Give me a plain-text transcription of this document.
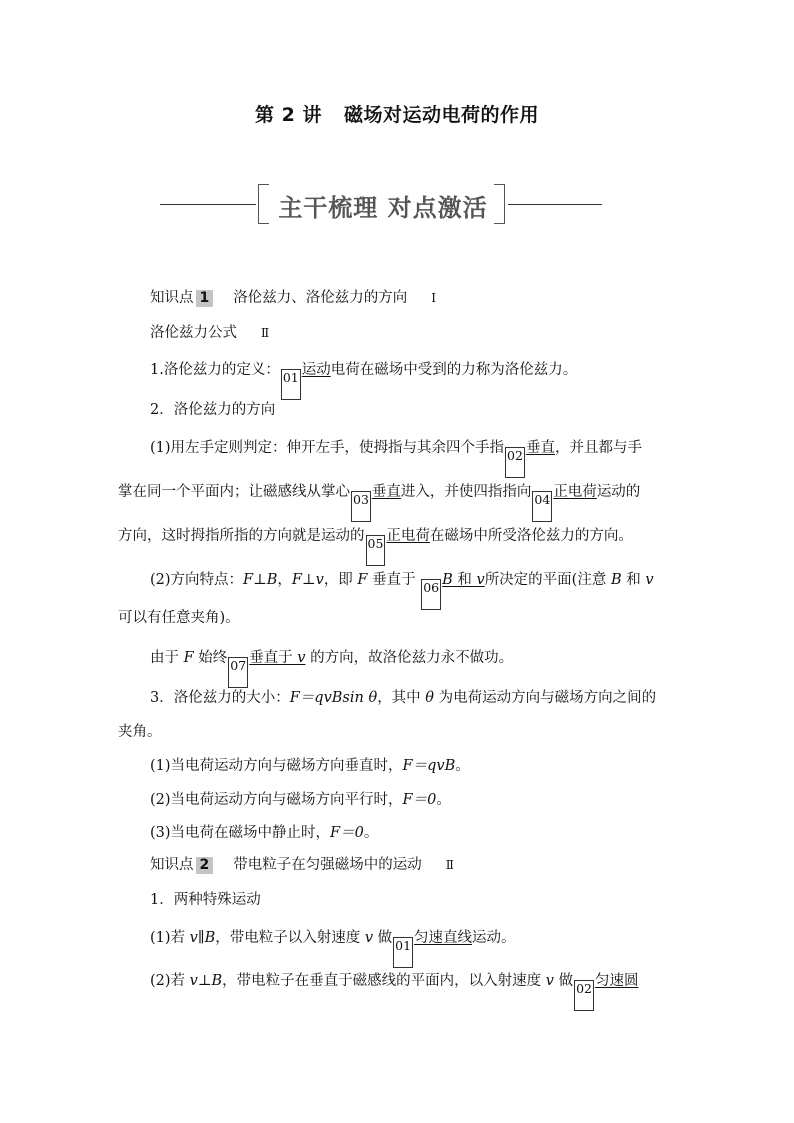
第 2 讲 磁场对运动电荷的作用
主干梳理 对点激活
知识点 1 洛伦兹力、洛伦兹力的方向 Ⅰ
洛伦兹力公式 Ⅱ
1.洛伦兹力的定义： 01 运动电荷在磁场中受到的力称为洛伦兹力。
2．洛伦兹力的方向
(1)用左手定则判定：伸开左手，使拇指与其余四个手指 02 垂直，并且都与手
掌在同一个平面内；让磁感线从掌心 03 垂直进入，并使四指指向 04 正电荷运动的
方向，这时拇指所指的方向就是运动的 05 正电荷在磁场中所受洛伦兹力的方向。
(2)方向特点：F⊥B，F⊥v，即 F 垂直于 06 B 和 v所决定的平面(注意 B 和 v
可以有任意夹角)。
由于 F 始终 07 垂直于 v 的方向，故洛伦兹力永不做功。
3．洛伦兹力的大小：F＝qvBsin θ，其中 θ 为电荷运动方向与磁场方向之间的
夹角。
(1)当电荷运动方向与磁场方向垂直时，F＝qvB。
(2)当电荷运动方向与磁场方向平行时，F＝0。
(3)当电荷在磁场中静止时，F＝0。
知识点 2 带电粒子在匀强磁场中的运动 Ⅱ
1．两种特殊运动
(1)若 v∥B，带电粒子以入射速度 v 做 01 匀速直线运动。
(2)若 v⊥B，带电粒子在垂直于磁感线的平面内，以入射速度 v 做 02 匀速圆
